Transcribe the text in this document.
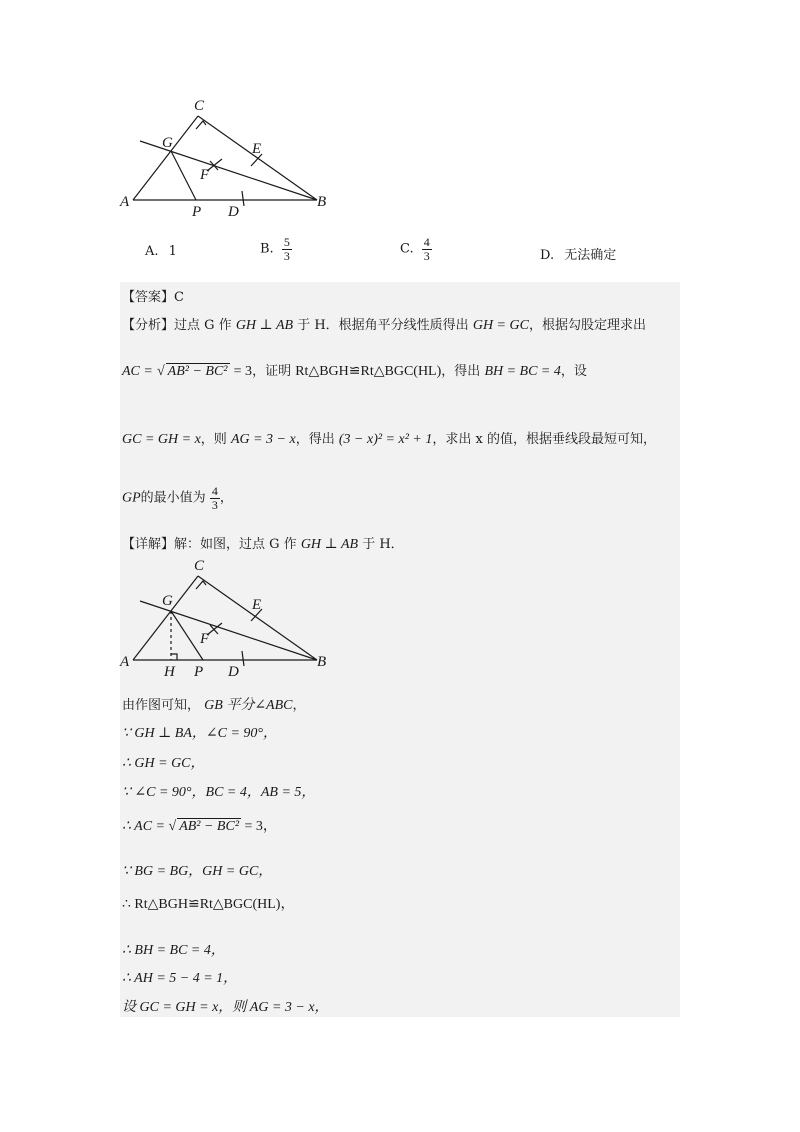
A	B
C
G	E
F
P D
A. 1	B. $\frac{5}{3}$	C. $\frac{4}{3}$	D. 无法确定
【答案】C
【分析】过点 G 作 GH ⊥ AB 于 H．根据角平分线性质得出 GH = GC，根据勾股定理求出
AC = √ AB² − BC² = 3，证明 Rt△BGH≌Rt△BGC(HL)，得出 BH = BC = 4，设
GC = GH = x，则 AG = 3 − x，得出 (3 − x)² = x² + 1，求出 x 的值，根据垂线段最短可知，
GP的最小值为 $\frac{4}{3}$ ，
【详解】解：如图，过点 G 作 GH ⊥ AB 于 H．
A	B
C
G	E
F
H P D
由作图可知， GB 平分∠ABC，
∵ GH ⊥ BA，∠C = 90°，
∴ GH = GC，
∵ ∠C = 90°，BC = 4，AB = 5，
∴ AC = √ AB² − BC² = 3，
∵ BG = BG，GH = GC，
∴ Rt△BGH≌Rt△BGC(HL)，
∴ BH = BC = 4，
∴ AH = 5 − 4 = 1，
设 GC = GH = x，则 AG = 3 − x，
